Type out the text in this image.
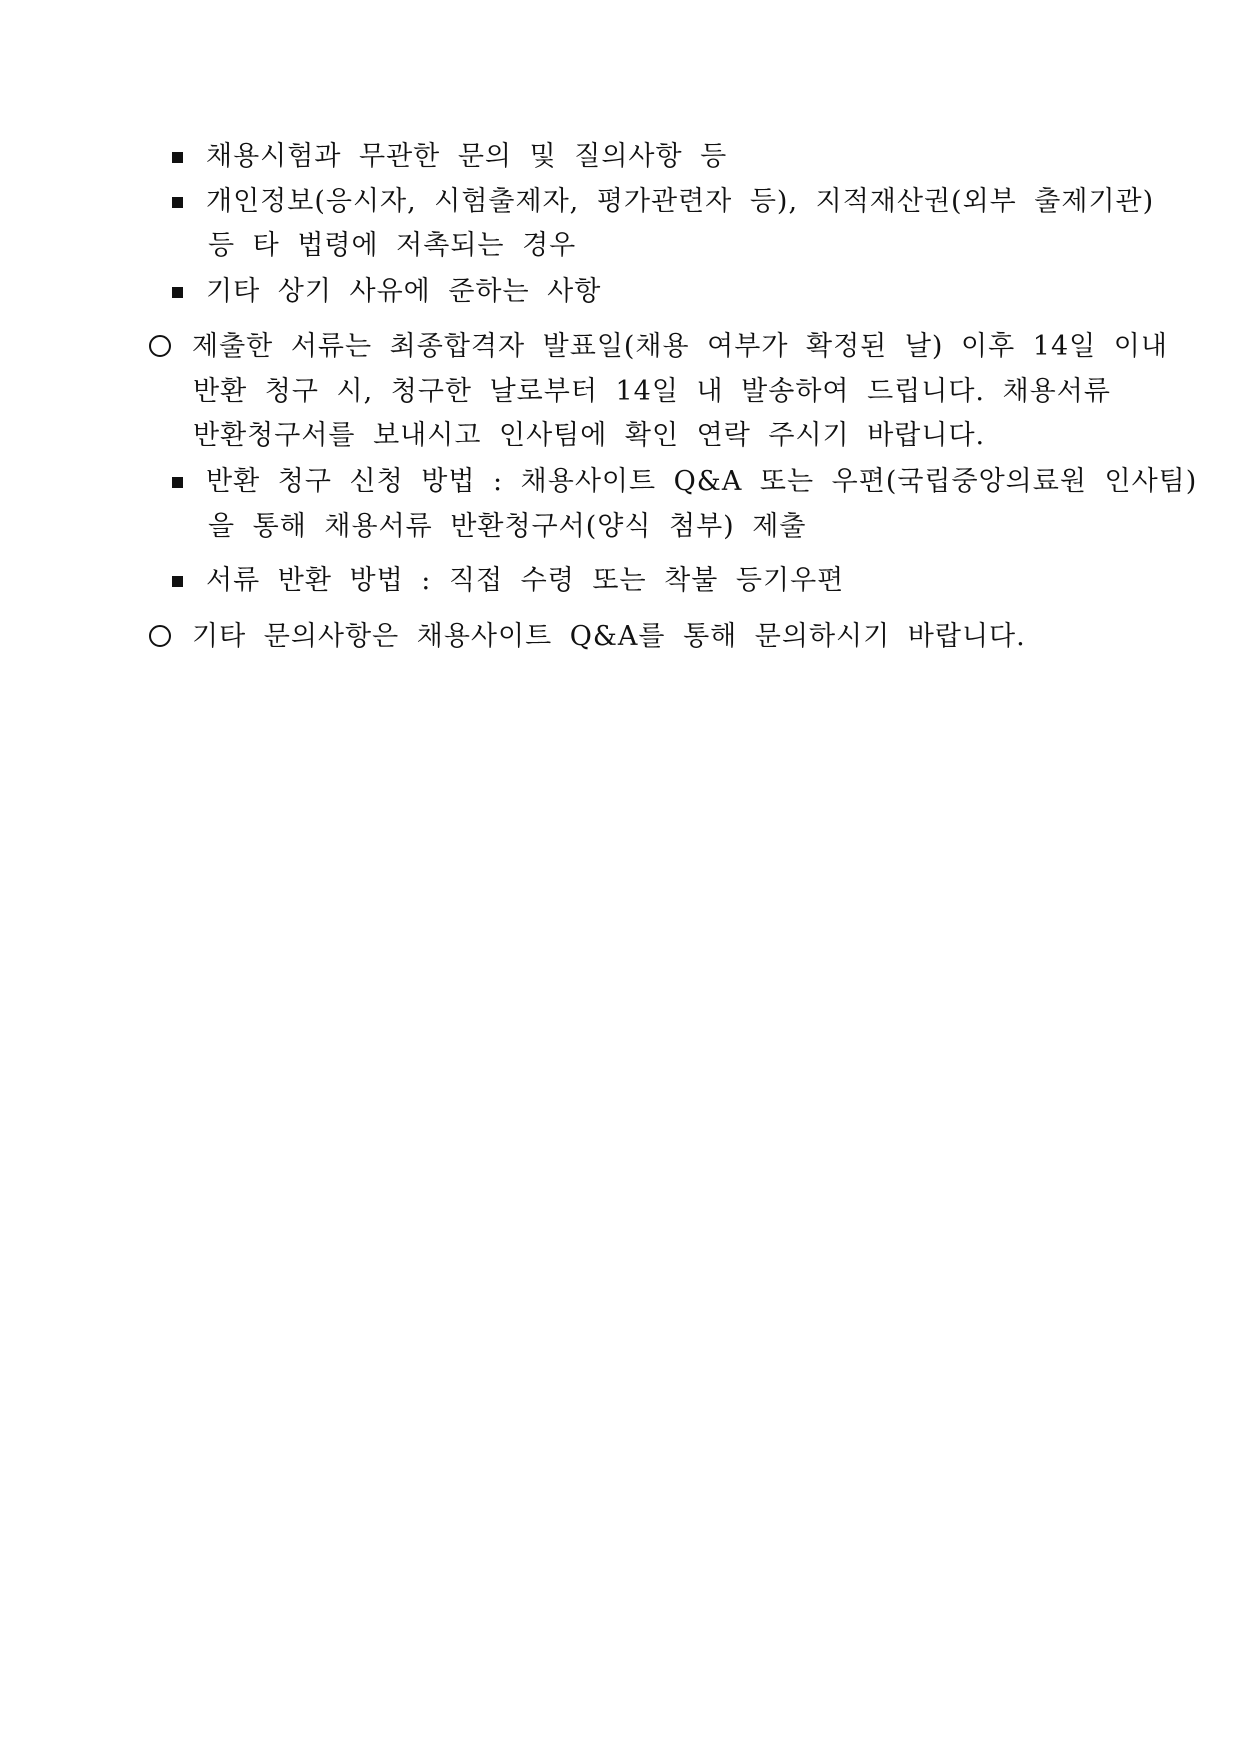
채용시험과 무관한 문의 및 질의사항 등
개인정보(응시자, 시험출제자, 평가관련자 등), 지적재산권(외부 출제기관)
등 타 법령에 저촉되는 경우
기타 상기 사유에 준하는 사항
제출한 서류는 최종합격자 발표일(채용 여부가 확정된 날) 이후 14일 이내
반환 청구 시, 청구한 날로부터 14일 내 발송하여 드립니다. 채용서류
반환청구서를 보내시고 인사팀에 확인 연락 주시기 바랍니다.
반환 청구 신청 방법 : 채용사이트 Q&A 또는 우편(국립중앙의료원 인사팀)
을 통해 채용서류 반환청구서(양식 첨부) 제출
서류 반환 방법 : 직접 수령 또는 착불 등기우편
기타 문의사항은 채용사이트 Q&A를 통해 문의하시기 바랍니다.
